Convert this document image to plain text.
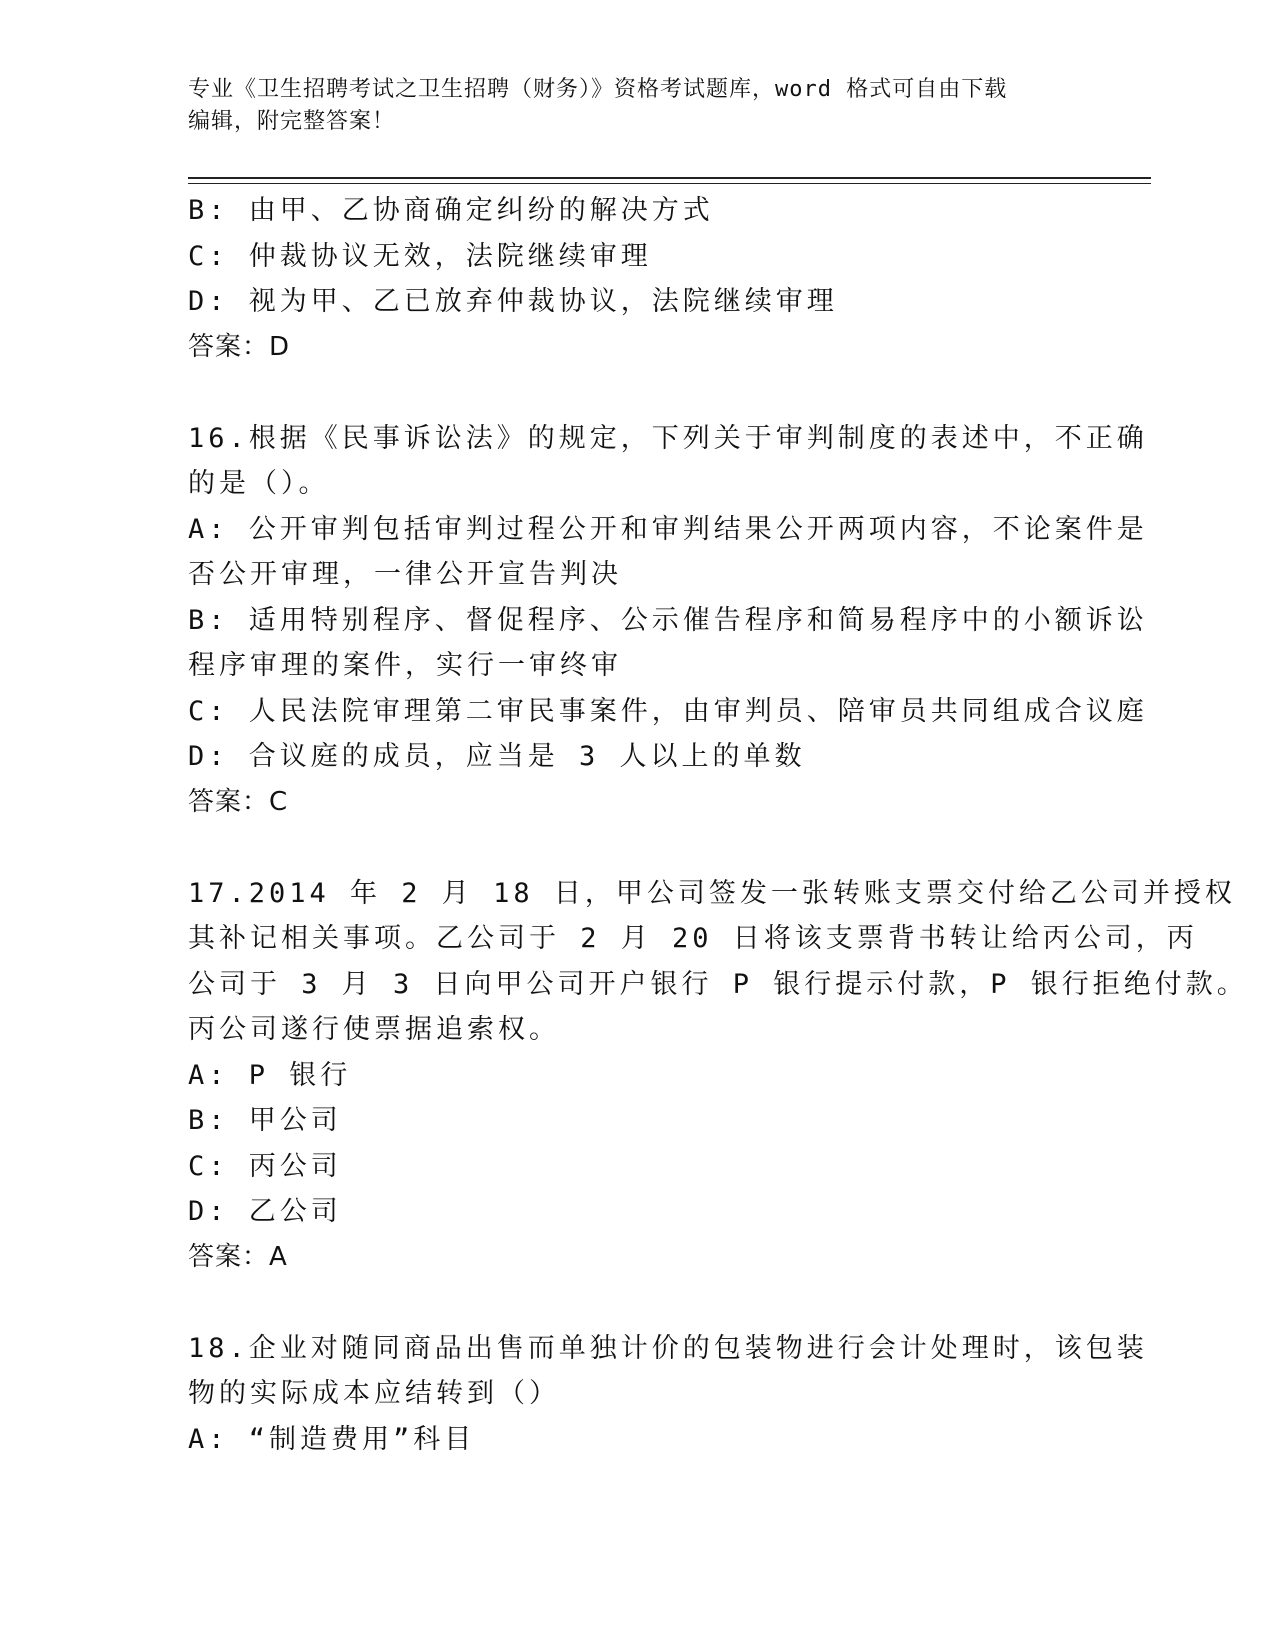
专业《卫生招聘考试之卫生招聘（财务）》资格考试题库，word 格式可自由下载
编辑，附完整答案！
B: 由甲、乙协商确定纠纷的解决方式
C: 仲裁协议无效，法院继续审理
D: 视为甲、乙已放弃仲裁协议，法院继续审理
答案：D
16.根据《民事诉讼法》的规定，下列关于审判制度的表述中，不正确
的是（）。
A: 公开审判包括审判过程公开和审判结果公开两项内容，不论案件是
否公开审理，一律公开宣告判决
B: 适用特别程序、督促程序、公示催告程序和简易程序中的小额诉讼
程序审理的案件，实行一审终审
C: 人民法院审理第二审民事案件，由审判员、陪审员共同组成合议庭
D: 合议庭的成员，应当是 3 人以上的单数
答案：C
17.2014 年 2 月 18 日，甲公司签发一张转账支票交付给乙公司并授权
其补记相关事项。乙公司于 2 月 20 日将该支票背书转让给丙公司，丙
公司于 3 月 3 日向甲公司开户银行 P 银行提示付款，P 银行拒绝付款。
丙公司遂行使票据追索权。
A: P 银行
B: 甲公司
C: 丙公司
D: 乙公司
答案：A
18.企业对随同商品出售而单独计价的包装物进行会计处理时，该包装
物的实际成本应结转到（）
A: “制造费用”科目
